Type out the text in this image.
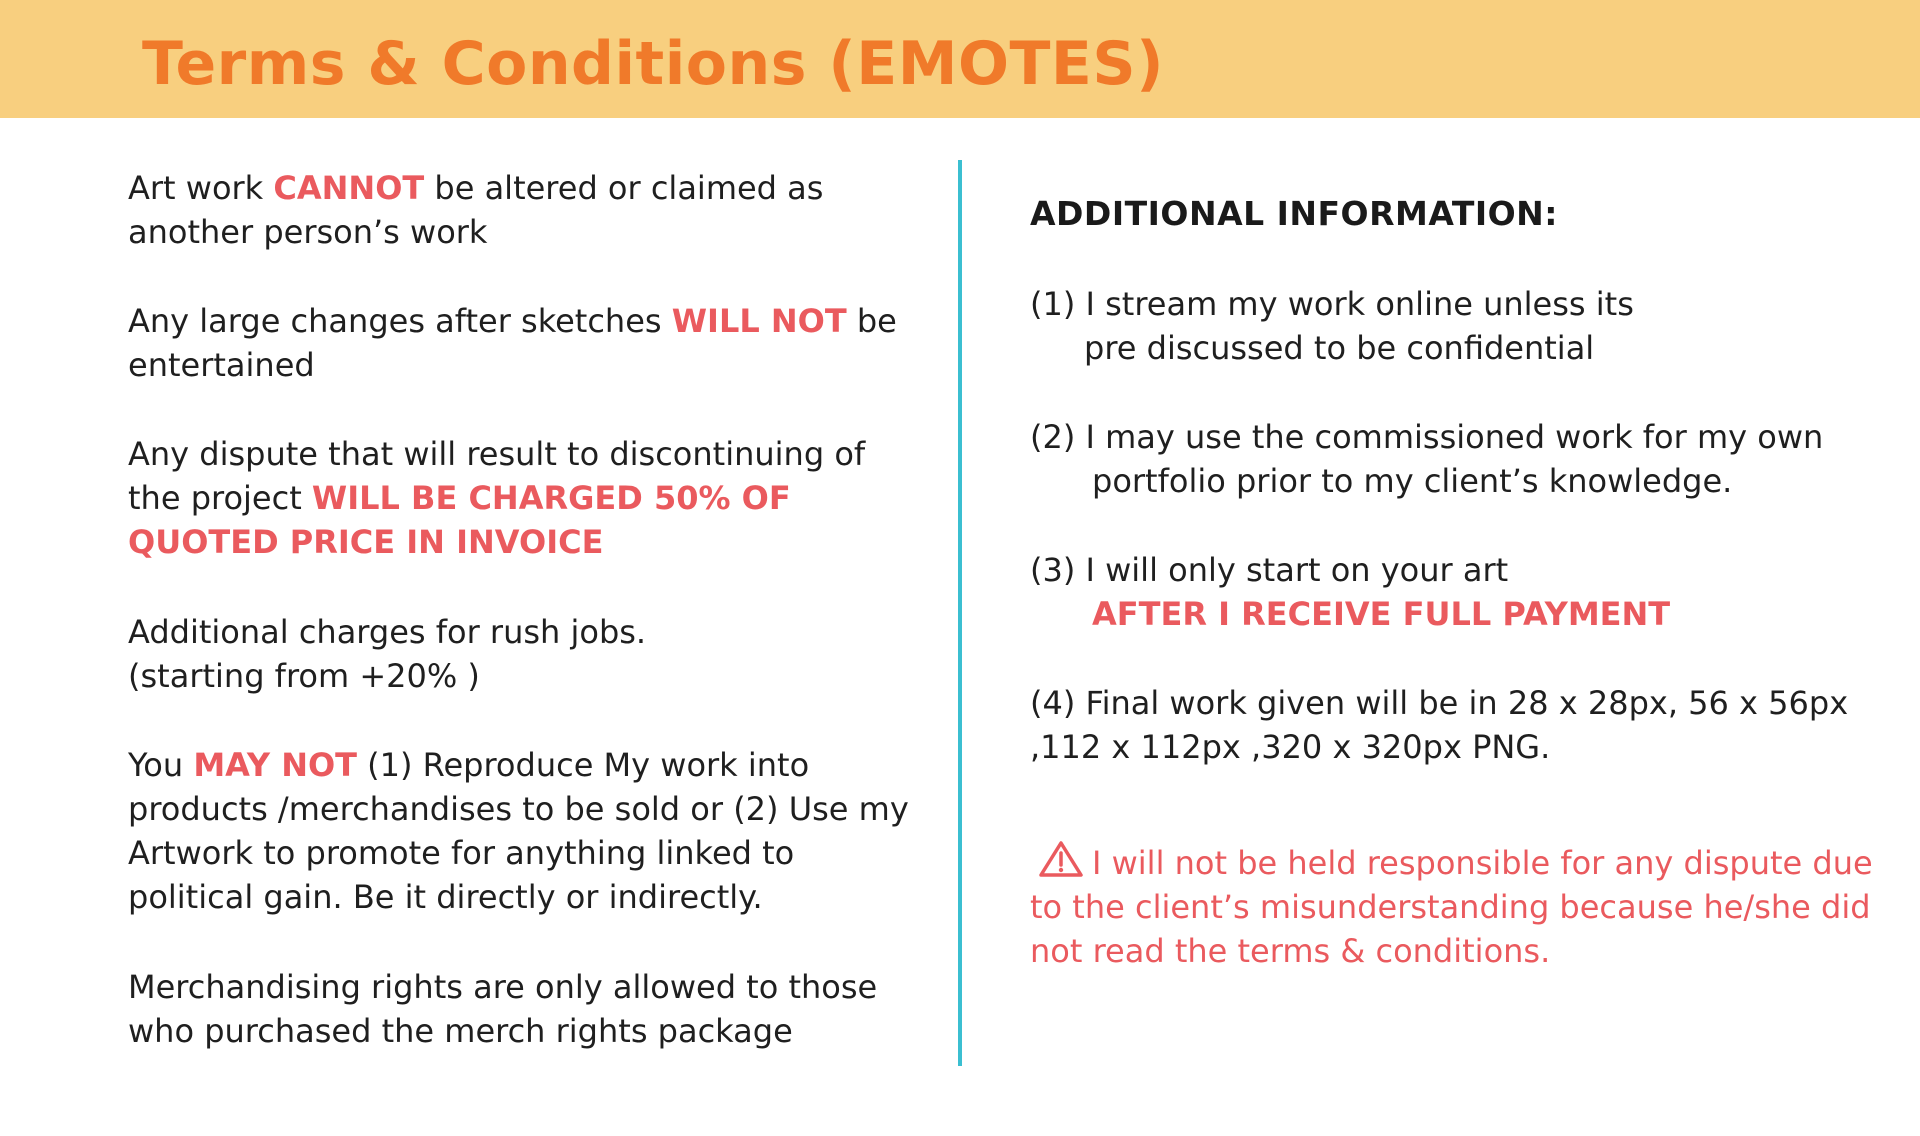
Terms & Conditions (EMOTES)

Art work CANNOT be altered or claimed as another person’s work

Any large changes after sketches WILL NOT be entertained

Any dispute that will result to discontinuing of the project WILL BE CHARGED 50% OF QUOTED PRICE IN INVOICE

Additional charges for rush jobs.
(starting from +20% )

You MAY NOT (1) Reproduce My work into products /merchandises to be sold or (2) Use my Artwork to promote for anything linked to political gain. Be it directly or indirectly.

Merchandising rights are only allowed to those who purchased the merch rights package

ADDITIONAL INFORMATION:

(1) I stream my work online unless its
pre discussed to be confidential

(2) I may use the commissioned work for my own
portfolio prior to my client’s knowledge.

(3) I will only start on your art
AFTER I RECEIVE FULL PAYMENT

(4) Final work given will be in 28 x 28px, 56 x 56px ,112 x 112px ,320 x 320px PNG.

I will not be held responsible for any dispute due to the client’s misunderstanding because he/she did not read the terms & conditions.
